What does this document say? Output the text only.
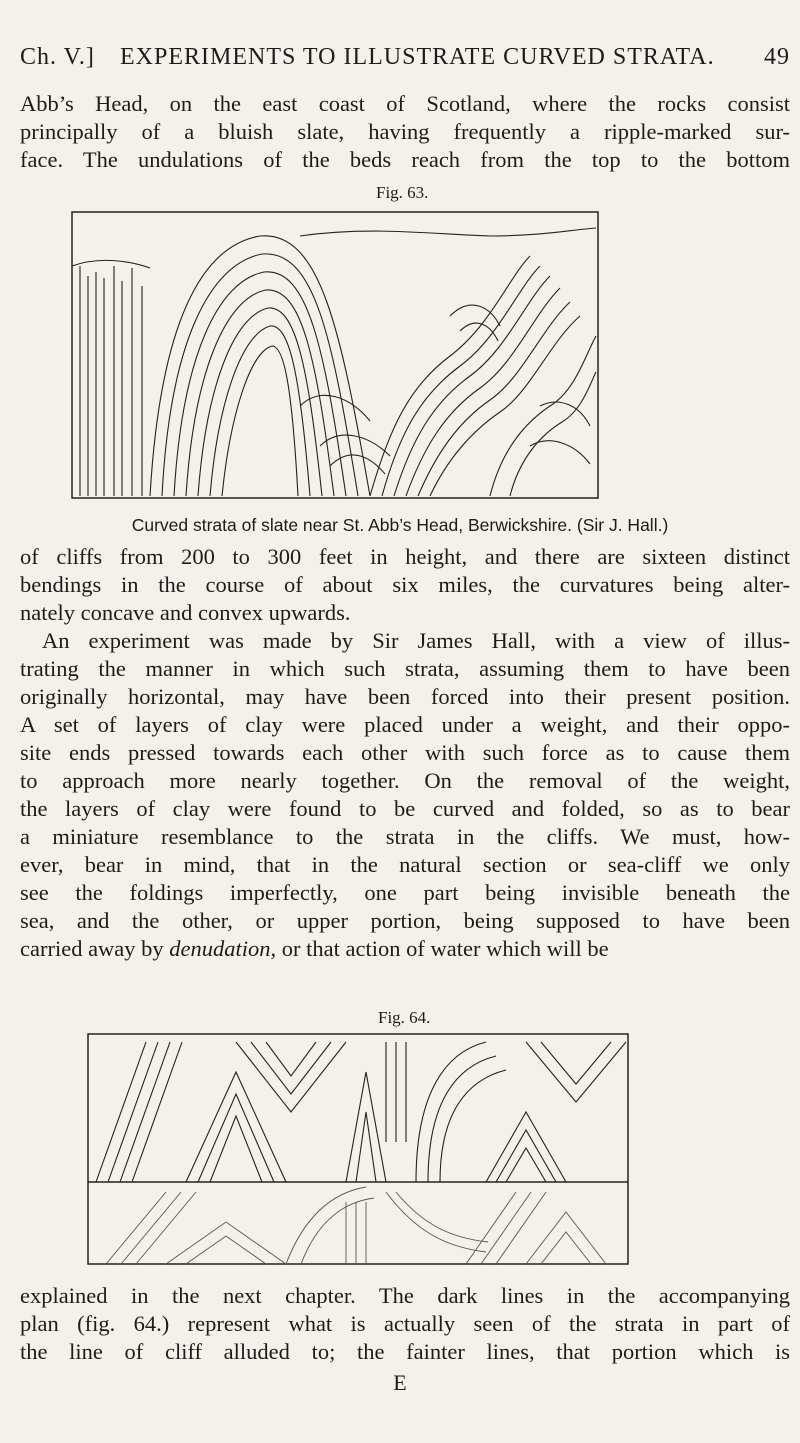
Ch. V.] EXPERIMENTS TO ILLUSTRATE CURVED STRATA. 49
Abb’s Head, on the east coast of Scotland, where the rocks consist
principally of a bluish slate, having frequently a ripple-marked sur-
face. The undulations of the beds reach from the top to the bottom
Fig. 63.
Curved strata of slate near St. Abb’s Head, Berwickshire. (Sir J. Hall.)
of cliffs from 200 to 300 feet in height, and there are sixteen distinct
bendings in the course of about six miles, the curvatures being alter-
nately concave and convex upwards.
An experiment was made by Sir James Hall, with a view of illus-
trating the manner in which such strata, assuming them to have been
originally horizontal, may have been forced into their present position.
A set of layers of clay were placed under a weight, and their oppo-
site ends pressed towards each other with such force as to cause them
to approach more nearly together. On the removal of the weight,
the layers of clay were found to be curved and folded, so as to bear
a miniature resemblance to the strata in the cliffs. We must, how-
ever, bear in mind, that in the natural section or sea-cliff we only
see the foldings imperfectly, one part being invisible beneath the
sea, and the other, or upper portion, being supposed to have been
carried away by denudation, or that action of water which will be
Fig. 64.
explained in the next chapter. The dark lines in the accompanying
plan (fig. 64.) represent what is actually seen of the strata in part of
the line of cliff alluded to; the fainter lines, that portion which is
E
